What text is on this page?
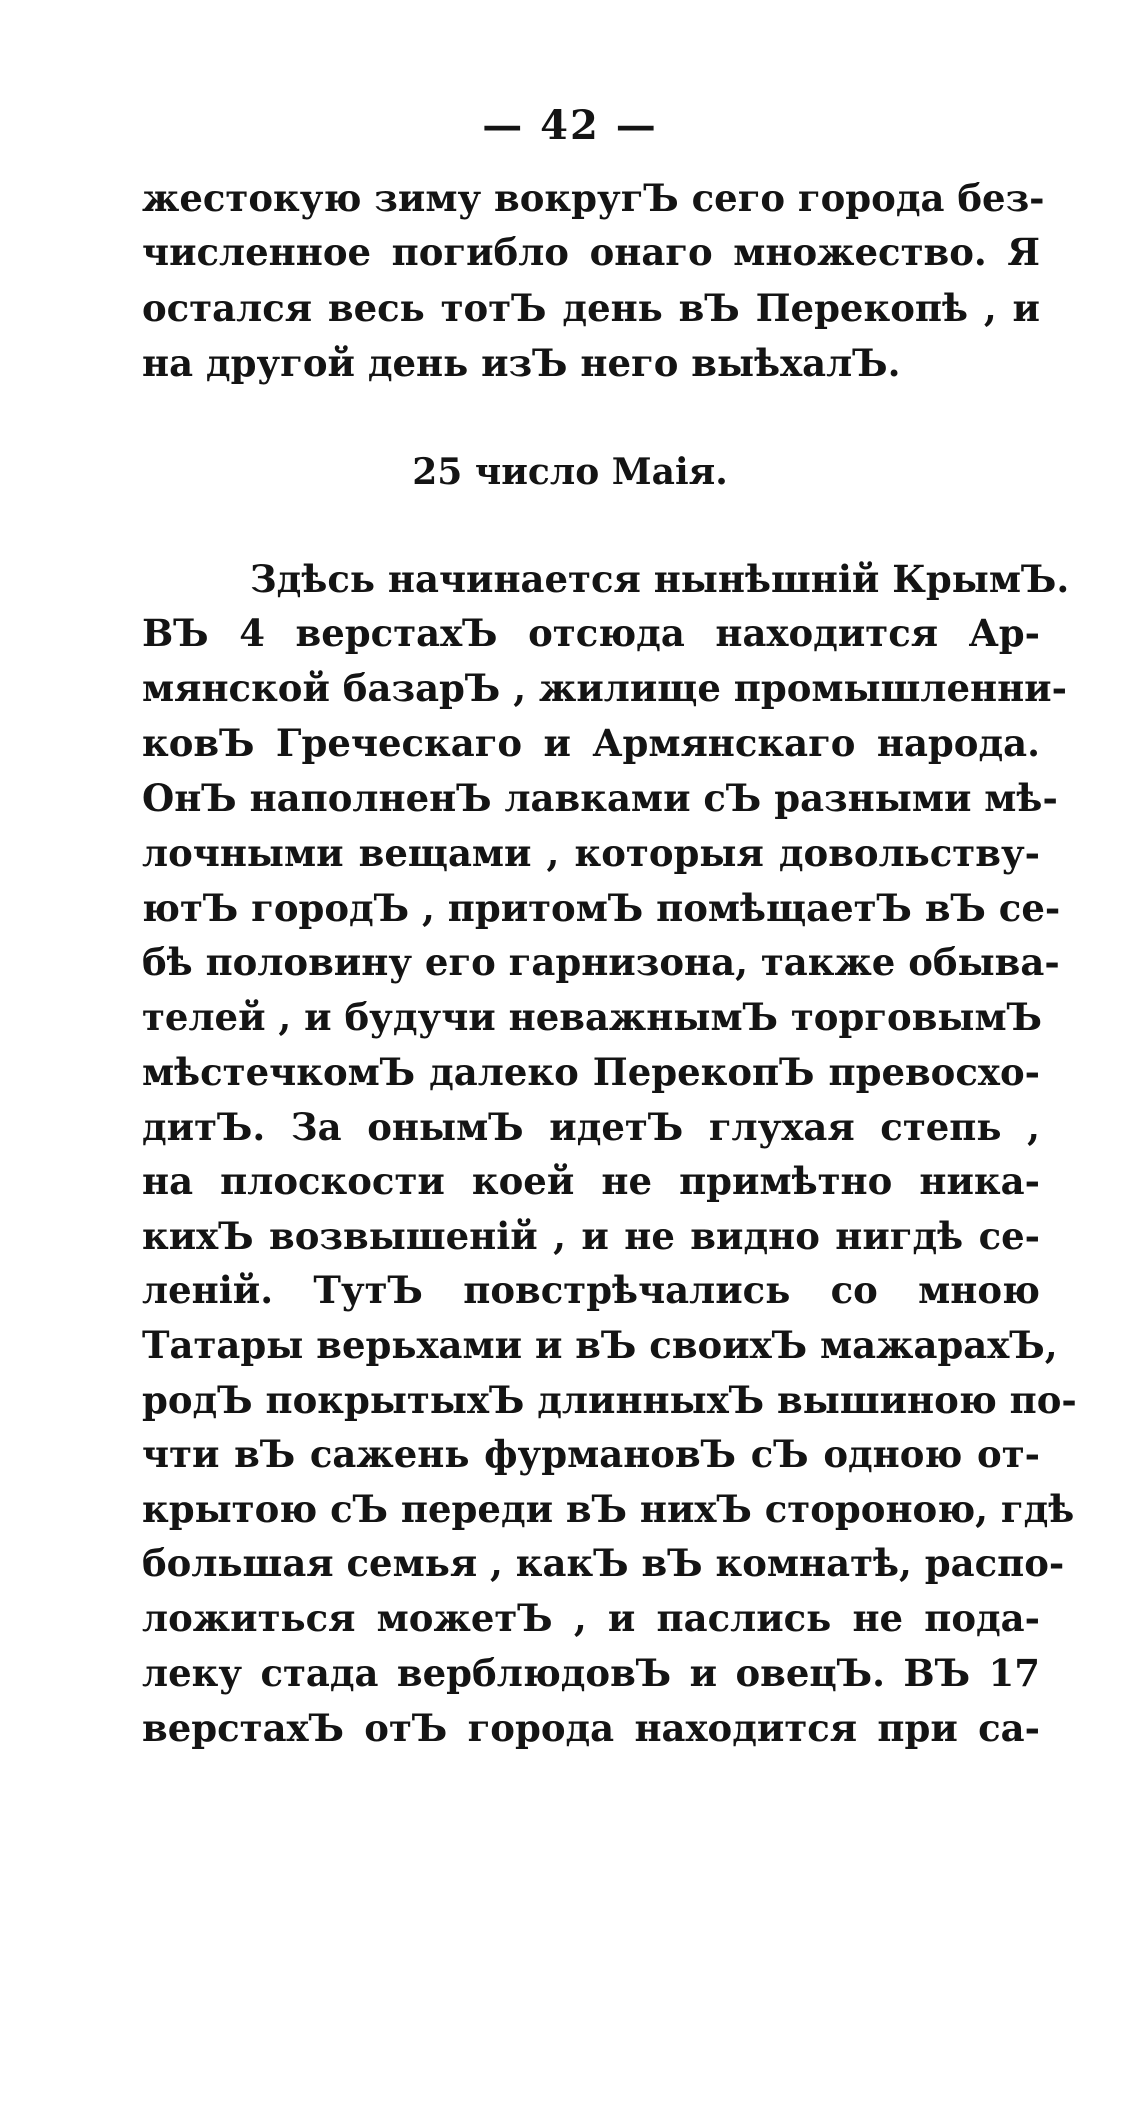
— 42 —
жестокую зиму вокругЪ сего города без-
численное погибло онаго множество. Я
остался весь тотЪ день вЪ Перекопѣ , и
на другой день изЪ него выѣхалЪ.
25 число Маія.
Здѣсь начинается нынѣшній КрымЪ.
ВЪ 4 верстахЪ отсюда находится Ар-
мянской базарЪ , жилище промышленни-
ковЪ Греческаго и Армянскаго народа.
ОнЪ наполненЪ лавками сЪ разными мѣ-
лочными вещами , которыя довольству-
ютЪ городЪ , притомЪ помѣщаетЪ вЪ се-
бѣ половину его гарнизона, также обыва-
телей , и будучи неважнымЪ торговымЪ
мѣстечкомЪ далеко ПерекопЪ превосхо-
дитЪ. За онымЪ идетЪ глухая степь ,
на плоскости коей не примѣтно ника-
кихЪ возвышеній , и не видно нигдѣ се-
леній. ТутЪ повстрѣчались со мною
Татары верьхами и вЪ своихЪ мажарахЪ,
родЪ покрытыхЪ длинныхЪ вышиною по-
чти вЪ сажень фурмановЪ сЪ одною от-
крытою сЪ переди вЪ нихЪ стороною, гдѣ
большая семья , какЪ вЪ комнатѣ, распо-
ложиться можетЪ , и паслись не пода-
леку стада верблюдовЪ и овецЪ. ВЪ 17
верстахЪ отЪ города находится при са-
